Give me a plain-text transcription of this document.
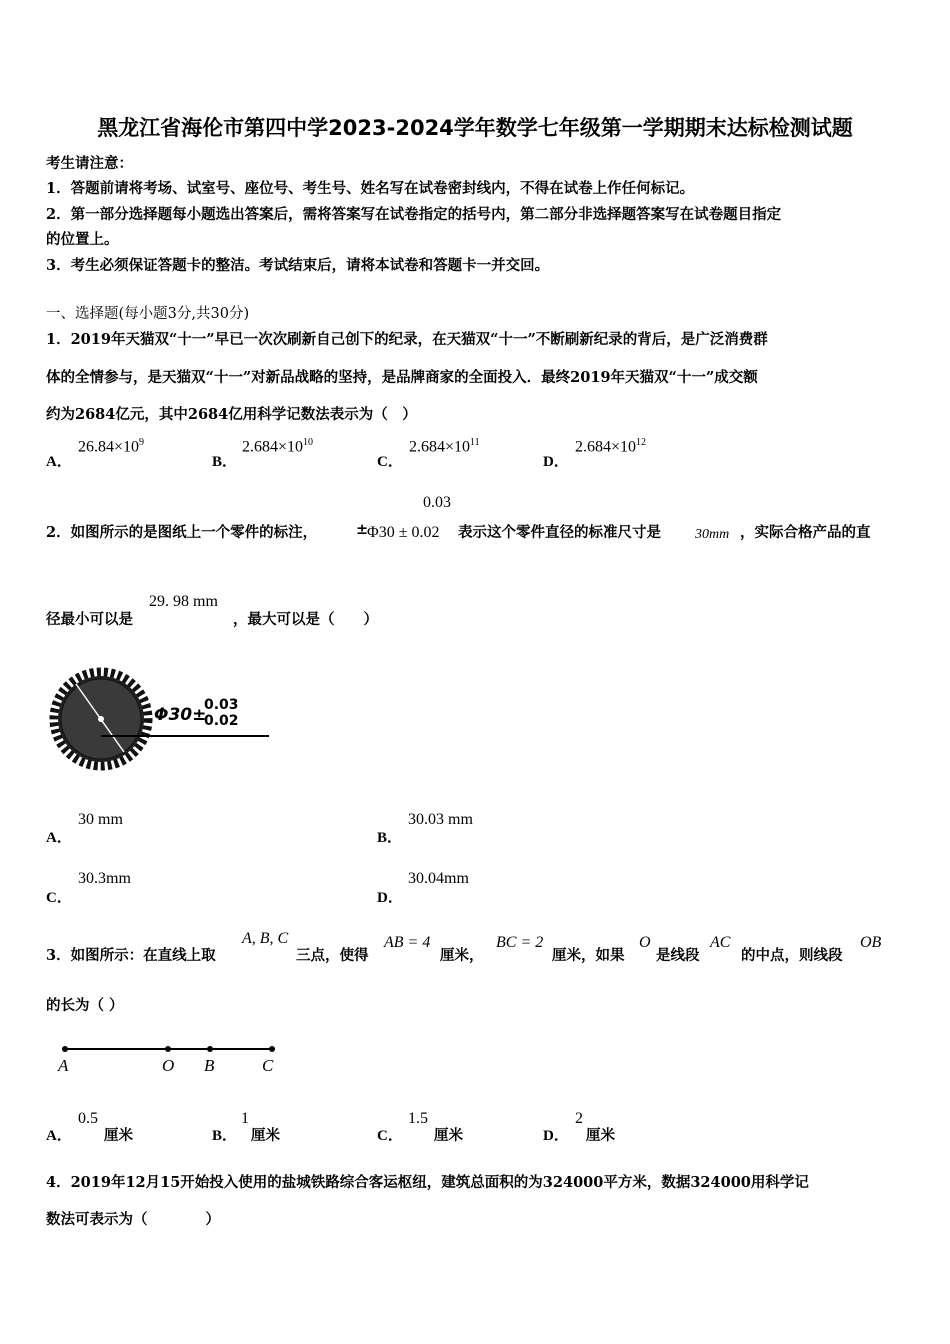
黑龙江省海伦市第四中学2023-2024学年数学七年级第一学期期末达标检测试题
考生请注意：
1．答题前请将考场、试室号、座位号、考生号、姓名写在试卷密封线内，不得在试卷上作任何标记。
2．第一部分选择题每小题选出答案后，需将答案写在试卷指定的括号内，第二部分非选择题答案写在试卷题目指定
的位置上。
3．考生必须保证答题卡的整洁。考试结束后，请将本试卷和答题卡一并交回。
一、选择题(每小题3分,共30分)
1．2019年天猫双“十一”早已一次次刷新自己创下的纪录，在天猫双“十一”不断刷新纪录的背后，是广泛消费群
体的全情参与，是天猫双“十一”对新品战略的坚持，是品牌商家的全面投入．最终2019年天猫双“十一”成交额
约为2684亿元，其中2684亿用科学记数法表示为（　）
A．
$26.84\times 10^9$
B．
$2.684\times 10^{10}$
C．
$2.684\times 10^{11}$
D．
$2.684\times 10^{12}$
0.03
2．如图所示的是图纸上一个零件的标注，	±
Φ30 ± 0.02 表示这个零件直径的标准尺寸是 30mm ，实际合格产品的直
径最小可以是
29. 98 mm
，最大可以是（　　）
Φ30±
0.03
0.02
A．
30 mm
B．
30.03 mm
C．
30.3mm
D．
30.04mm
3．如图所示：在直线上取
A, B, C
三点，使得
AB = 4
厘米，
BC = 2
厘米，如果
O
是线段
AC
的中点，则线段
OB
的长为（ ）
A	O B	C
A．
0.5
厘米	B．
1
厘米	C．
1.5
厘米	D．
2
厘米
4．2019年12月15开始投入使用的盐城铁路综合客运枢纽，建筑总面积的为324000平方米，数据324000用科学记
数法可表示为（　　　　）
